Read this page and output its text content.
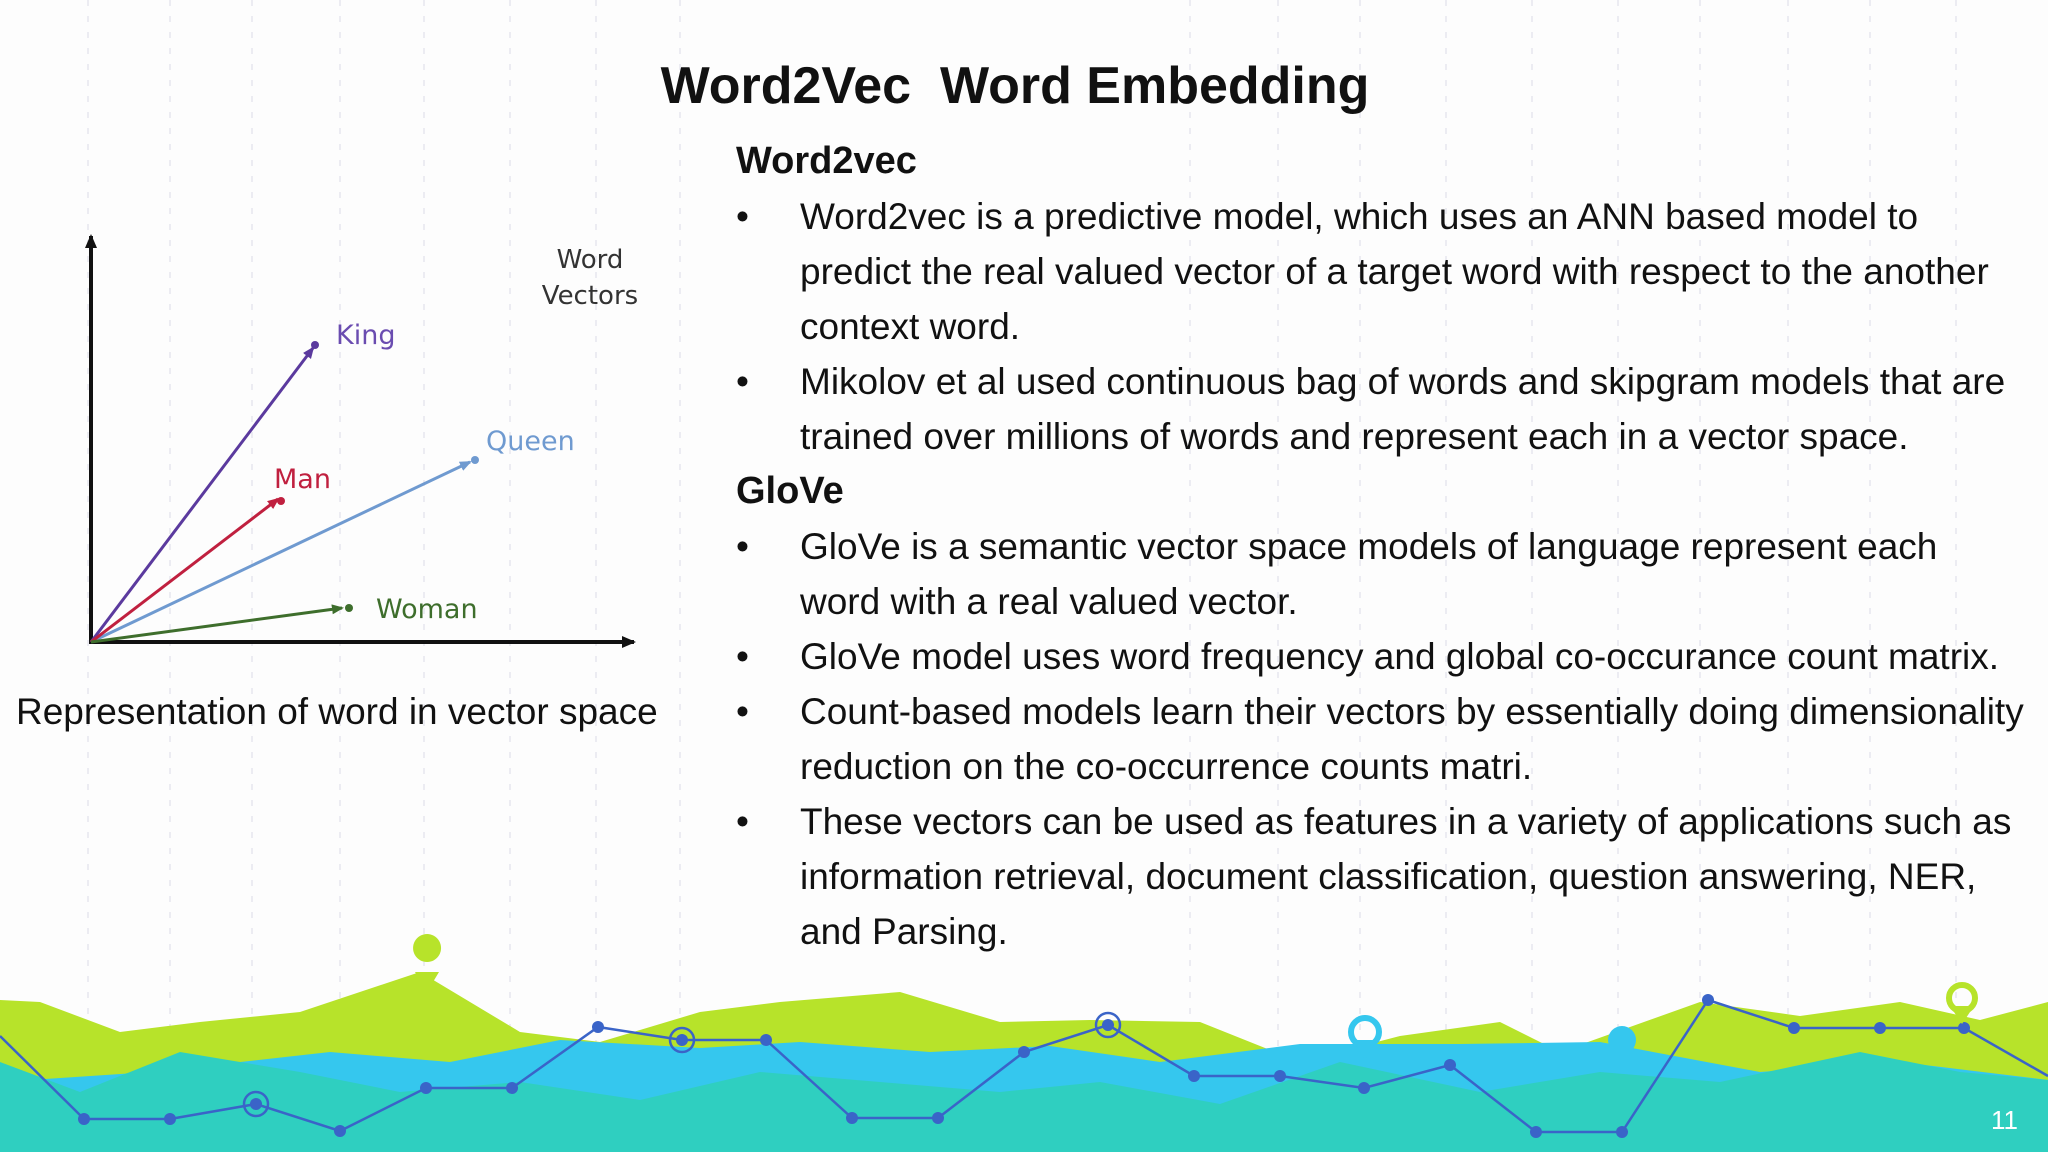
Word2Vec  Word Embedding
Word
Vectors
King
Queen
Man
Woman
Representation of word in vector space
Word2vec
• Word2vec is a predictive model, which uses an ANN based model to predict the real valued vector of a target word with respect to the another context word.
• Mikolov et al used continuous bag of words and skipgram models that are trained over millions of words and represent each in a vector space.
GloVe
• GloVe is a semantic vector space models of language represent each word with a real valued vector.
• GloVe model uses word frequency and global co-occurance count matrix.
• Count-based models learn their vectors by essentially doing dimensionality reduction on the co-occurrence counts matri.
• These vectors can be used as features in a variety of applications such as information retrieval, document classification, question answering, NER, and Parsing.
11
